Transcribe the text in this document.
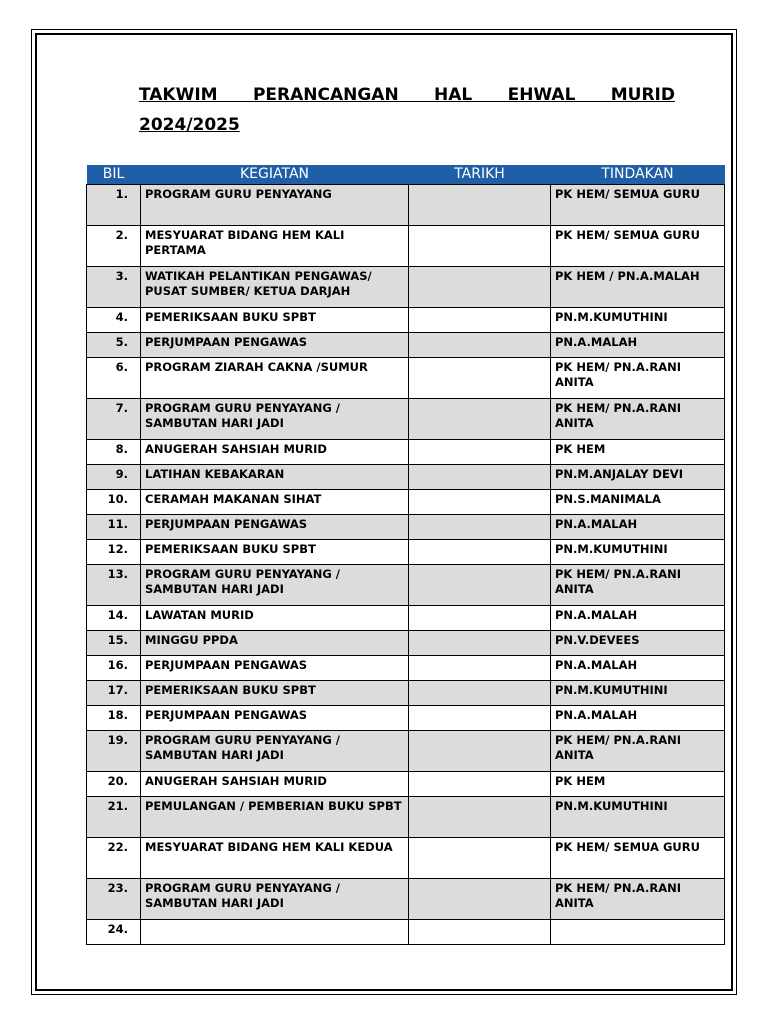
TAKWIM PERANCANGAN HAL EHWAL MURID
2024/2025
BIL	KEGIATAN	TARIKH	TINDAKAN
1.	PROGRAM GURU PENYAYANG		PK HEM/ SEMUA GURU
2.	MESYUARAT BIDANG HEM KALI PERTAMA		PK HEM/ SEMUA GURU
3.	WATIKAH PELANTIKAN PENGAWAS/ PUSAT SUMBER/ KETUA DARJAH		PK HEM / PN.A.MALAH
4.	PEMERIKSAAN BUKU SPBT		PN.M.KUMUTHINI
5.	PERJUMPAAN PENGAWAS		PN.A.MALAH
6.	PROGRAM ZIARAH CAKNA /SUMUR		PK HEM/ PN.A.RANI ANITA
7.	PROGRAM GURU PENYAYANG / SAMBUTAN HARI JADI		PK HEM/ PN.A.RANI ANITA
8.	ANUGERAH SAHSIAH MURID		PK HEM
9.	LATIHAN KEBAKARAN		PN.M.ANJALAY DEVI
10.	CERAMAH MAKANAN SIHAT		PN.S.MANIMALA
11.	PERJUMPAAN PENGAWAS		PN.A.MALAH
12.	PEMERIKSAAN BUKU SPBT		PN.M.KUMUTHINI
13.	PROGRAM GURU PENYAYANG / SAMBUTAN HARI JADI		PK HEM/ PN.A.RANI ANITA
14.	LAWATAN MURID		PN.A.MALAH
15.	MINGGU PPDA		PN.V.DEVEES
16.	PERJUMPAAN PENGAWAS		PN.A.MALAH
17.	PEMERIKSAAN BUKU SPBT		PN.M.KUMUTHINI
18.	PERJUMPAAN PENGAWAS		PN.A.MALAH
19.	PROGRAM GURU PENYAYANG / SAMBUTAN HARI JADI		PK HEM/ PN.A.RANI ANITA
20.	ANUGERAH SAHSIAH MURID		PK HEM
21.	PEMULANGAN / PEMBERIAN BUKU SPBT		PN.M.KUMUTHINI
22.	MESYUARAT BIDANG HEM KALI KEDUA		PK HEM/ SEMUA GURU
23.	PROGRAM GURU PENYAYANG / SAMBUTAN HARI JADI		PK HEM/ PN.A.RANI ANITA
24.			
